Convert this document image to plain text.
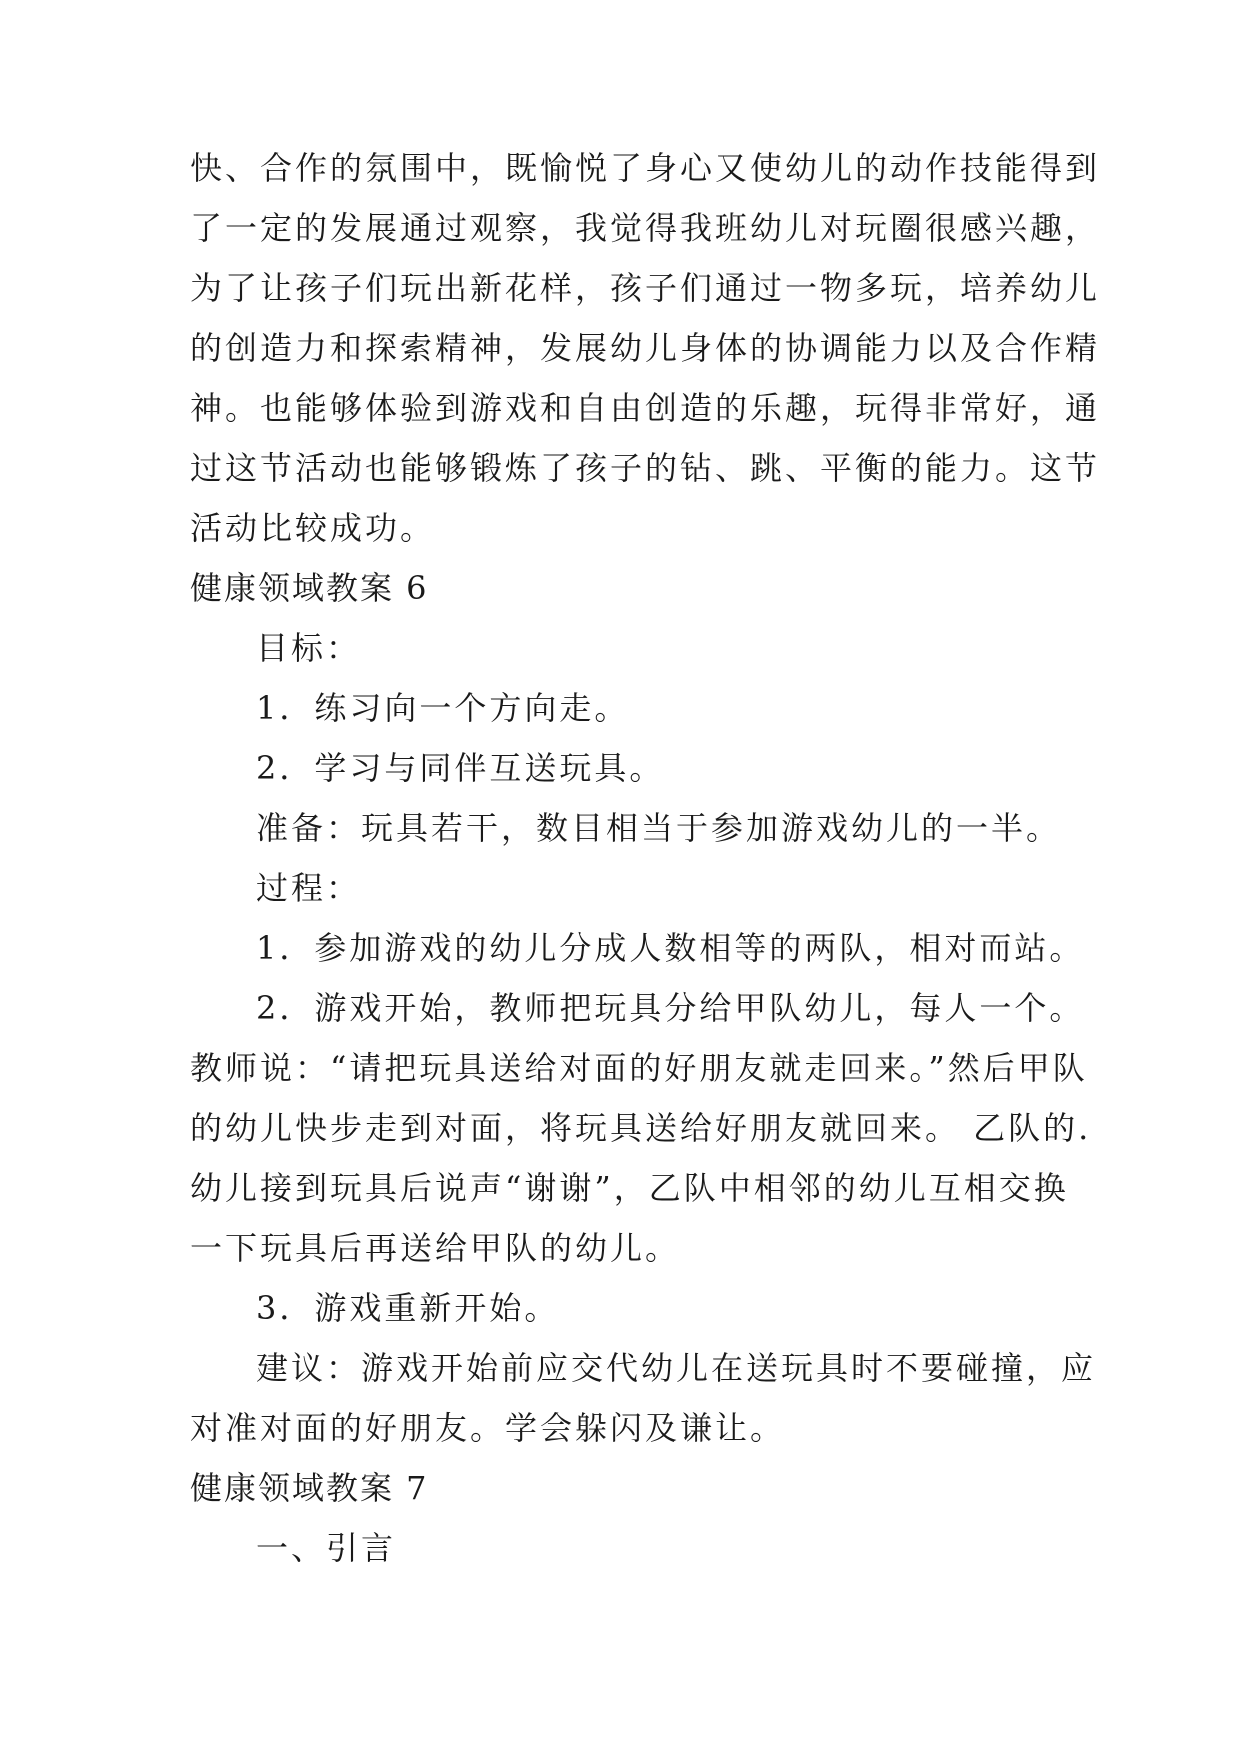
快、合作的氛围中，既愉悦了身心又使幼儿的动作技能得到
了一定的发展通过观察，我觉得我班幼儿对玩圈很感兴趣，
为了让孩子们玩出新花样，孩子们通过一物多玩，培养幼儿
的创造力和探索精神，发展幼儿身体的协调能力以及合作精
神。也能够体验到游戏和自由创造的乐趣，玩得非常好，通
过这节活动也能够锻炼了孩子的钻、跳、平衡的能力。这节
活动比较成功。
健康领域教案 6
目标：
1．练习向一个方向走。
2．学习与同伴互送玩具。
准备：玩具若干，数目相当于参加游戏幼儿的一半。
过程：
1．参加游戏的幼儿分成人数相等的两队，相对而站。
2．游戏开始，教师把玩具分给甲队幼儿，每人一个。
教师说：“请把玩具送给对面的好朋友就走回来。”然后甲队
的幼儿快步走到对面，将玩具送给好朋友就回来。 乙队的.
幼儿接到玩具后说声“谢谢”，乙队中相邻的幼儿互相交换
一下玩具后再送给甲队的幼儿。
3．游戏重新开始。
建议：游戏开始前应交代幼儿在送玩具时不要碰撞，应
对准对面的好朋友。学会躲闪及谦让。
健康领域教案 7
一、引言
